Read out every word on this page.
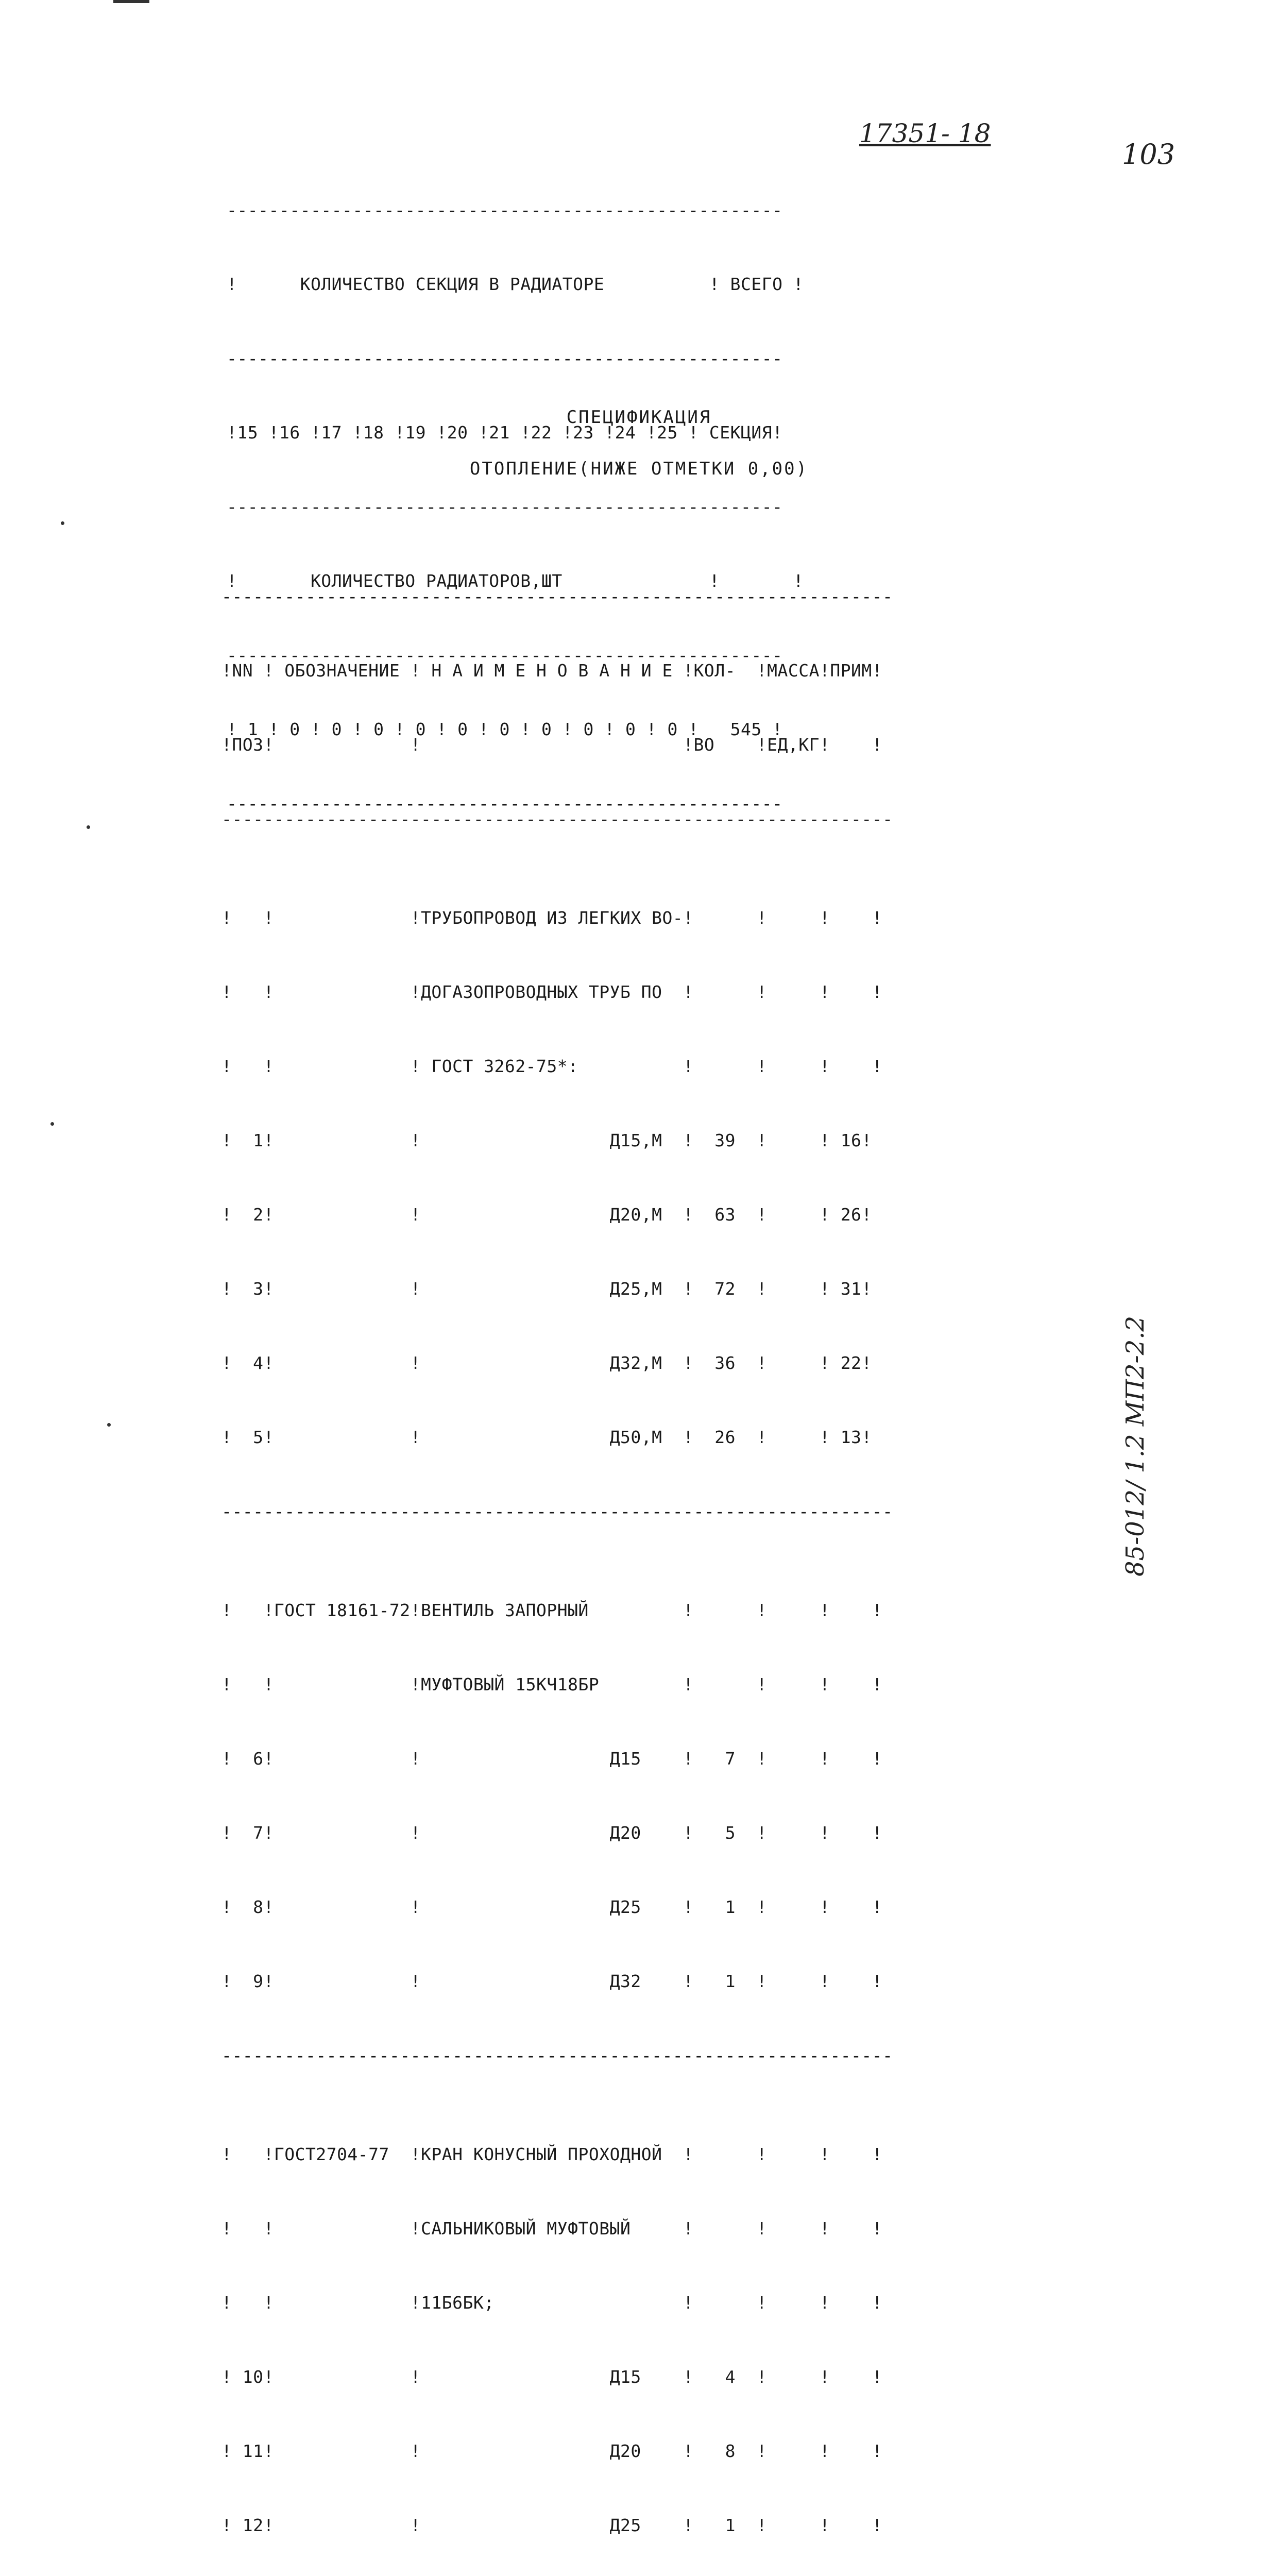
17351- 18
103

-----------------------------------------------------

!      КОЛИЧЕСТВО СЕКЦИЯ В РАДИАТОРЕ          ! ВСЕГО !

-----------------------------------------------------

!15 !16 !17 !18 !19 !20 !21 !22 !23 !24 !25 ! СЕКЦИЯ!

-----------------------------------------------------

!       КОЛИЧЕСТВО РАДИАТОРОВ,ШТ              !       !

-----------------------------------------------------

! 1 ! 0 ! 0 ! 0 ! 0 ! 0 ! 0 ! 0 ! 0 ! 0 ! 0 !   545 !

-----------------------------------------------------

СПЕЦИФИКАЦИЯ
ОТОПЛЕНИЕ(НИЖЕ ОТМЕТКИ 0,00)

----------------------------------------------------------------

!NN ! ОБОЗНАЧЕНИЕ ! Н А И М Е Н О В А Н И Е !КОЛ-  !МАССА!ПРИМ!

!ПОЗ!             !                         !ВО    !ЕД,КГ!    !

----------------------------------------------------------------

!   !             !ТРУБОПРОВОД ИЗ ЛЕГКИХ ВО-!      !     !    !

!   !             !ДОГАЗОПРОВОДНЫХ ТРУБ ПО  !      !     !    !

!   !             ! ГОСТ 3262-75*:          !      !     !    !

!  1!             !                  Д15,М  !  39  !     ! 16!

!  2!             !                  Д20,М  !  63  !     ! 26!

!  3!             !                  Д25,М  !  72  !     ! 31!

!  4!             !                  Д32,М  !  36  !     ! 22!

!  5!             !                  Д50,М  !  26  !     ! 13!

----------------------------------------------------------------

!   !ГОСТ 18161-72!ВЕНТИЛЬ ЗАПОРНЫЙ         !      !     !    !

!   !             !МУФТОВЫЙ 15КЧ18БР        !      !     !    !

!  6!             !                  Д15    !   7  !     !    !

!  7!             !                  Д20    !   5  !     !    !

!  8!             !                  Д25    !   1  !     !    !

!  9!             !                  Д32    !   1  !     !    !

----------------------------------------------------------------

!   !ГОСТ2704-77  !КРАН КОНУСНЫЙ ПРОХОДНОЙ  !      !     !    !

!   !             !САЛЬНИКОВЫЙ МУФТОВЫЙ     !      !     !    !

!   !             !11Б6БК;                  !      !     !    !

! 10!             !                  Д15    !   4  !     !    !

! 11!             !                  Д20    !   8  !     !    !

! 12!             !                  Д25    !   1  !     !    !

85-012/ 1.2 МП2-2.2
